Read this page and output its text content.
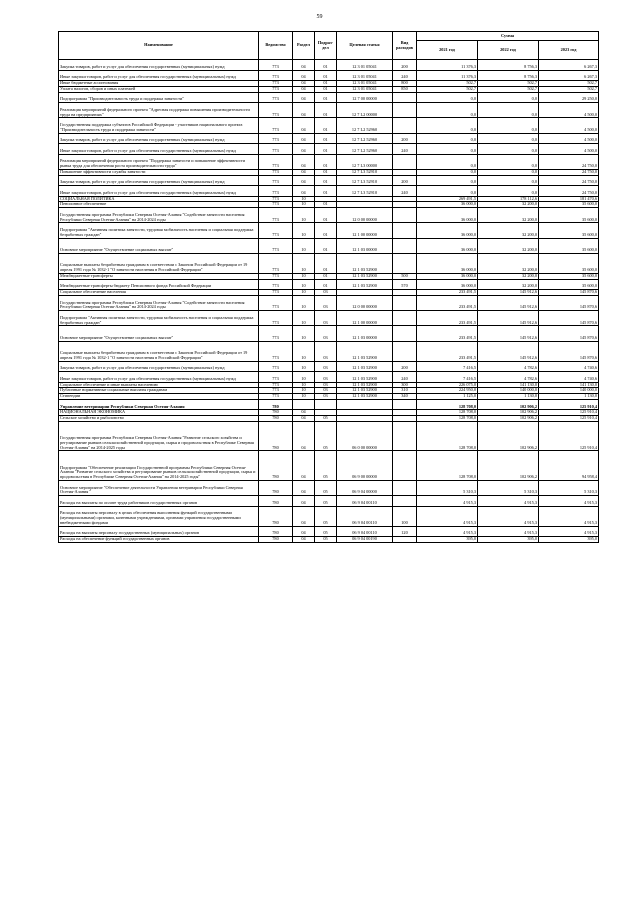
59
Наименование	Ведомство	Раздел	Подраз-дел	Целевая статья	Вид расходов	Сумма		
						2021 год	2022 год	2023 год
Закупка товаров, работ и услуг для обеспечения государственных (муниципальных) нужд	773	04	01	12 3 01 05041	200	11 376,3	8 756,3	6 267,3
Иные закупки товаров, работ и услуг для обеспечения государственных (муниципальных) нужд	773	04	01	12 3 01 05041	240	11 376,3	8 756,3	6 267,3
Иные бюджетные ассигнования	773	04	01	12 3 01 05041	800	502,7	502,7	502,7
Уплата налогов, сборов и иных платежей	773	04	01	12 3 01 05041	850	502,7	502,7	502,7
Подпрограмма "Производительность труда и поддержка занятости"	773	04	01	12 7 00 00000		0,0	0,0	29 250,0
Реализация мероприятий федерального проекта "Адресная поддержка повышения производительности труда на предприятиях"	773	04	01	12 7 L2 00000		0,0	0,0	4 500,0
Государственная поддержка субъектов Российской Федерации - участников национального проекта "Производительность труда и поддержка занятости"	773	04	01	12 7 L2 52960		0,0	0,0	4 500,0
Закупка товаров, работ и услуг для обеспечения государственных (муниципальных) нужд	773	04	01	12 7 L2 52960	200	0,0	0,0	4 500,0
Иные закупки товаров, работ и услуг для обеспечения государственных (муниципальных) нужд	773	04	01	12 7 L2 52960	240	0,0	0,0	4 500,0
Реализация мероприятий федерального проекта "Поддержка занятости и повышение эффективности рынка труда для обеспечения роста производительности труда"	773	04	01	12 7 L3 00000		0,0	0,0	24 750,0
Повышение эффективности службы занятости	773	04	01	12 7 L3 52910		0,0	0,0	24 750,0
Закупка товаров, работ и услуг для обеспечения государственных (муниципальных) нужд	773	04	01	12 7 L3 52910	200	0,0	0,0	24 750,0
Иные закупки товаров, работ и услуг для обеспечения государственных (муниципальных) нужд	773	04	01	12 7 L3 52910	240	0,0	0,0	24 750,0
СОЦИАЛЬНАЯ ПОЛИТИКА	773	10				269 491,5	178 112,6	181 470,6
Пенсионное обеспечение	773	10	01			36 000,0	32 200,0	35 600,0
Государственная программа Республики Северная Осетия-Алания "Содействие занятости населения Республики Северная Осетия-Алания" на 2014-2024 годы	773	10	01	12 0 00 00000		36 000,0	32 200,0	35 600,0
Подпрограмма "Активная политика занятости, трудовая мобильность населения и социальная поддержка безработных граждан"	773	10	01	12 1 00 00000		36 000,0	32 200,0	35 600,0
Основное мероприятие "Осуществление социальных выплат"	773	10	01	12 1 03 00000		36 000,0	32 200,0	35 600,0
Социальные выплаты безработным гражданам в соответствии с Законом Российской Федерации от 19 апреля 1991 года № 1032-1 "О занятости населения в Российской Федерации"	773	10	01	12 1 03 52900		36 000,0	32 200,0	35 600,0
Межбюджетные трансферты	773	10	01	12 1 03 52900	500	36 000,0	32 200,0	35 600,0
Межбюджетные трансферты бюджету Пенсионного фонда Российской Федерации	773	10	01	12 1 03 52900	570	36 000,0	32 200,0	35 600,0
Социальное обеспечение населения	773	10	03			233 491,5	145 912,6	145 870,6
Государственная программа Республики Северная Осетия-Алания "Содействие занятости населения Республики Северная Осетия-Алания" на 2014-2024 годы	773	10	03	12 0 00 00000		233 491,5	145 912,6	145 870,6
Подпрограмма "Активная политика занятости, трудовая мобильность населения и социальная поддержка безработных граждан"	773	10	03	12 1 00 00000		233 491,5	145 912,6	145 870,6
Основное мероприятие "Осуществление социальных выплат"	773	10	03	12 1 03 00000		233 491,5	145 912,6	145 870,6
Социальные выплаты безработным гражданам в соответствии с Законом Российской Федерации от 19 апреля 1991 года № 1032-1 "О занятости населения в Российской Федерации"	773	10	03	12 1 03 52900		233 491,5	145 912,6	145 870,6
Закупка товаров, работ и услуг для обеспечения государственных (муниципальных) нужд	773	10	03	12 1 03 52900	200	7 416,5	4 782,6	4 740,6
Иные закупки товаров, работ и услуг для обеспечения государственных (муниципальных) нужд	773	10	03	12 1 03 52900	240	7 416,5	4 782,6	4 740,6
Социальное обеспечение и иные выплаты населению	773	10	03	12 1 03 52900	300	226 075,0	141 130,0	141 130,0
Публичные нормативные социальные выплаты гражданам	773	10	03	12 1 03 52900	310	224 950,0	140 000,0	140 000,0
Стипендии	773	10	03	12 1 03 52900	340	1 125,0	1 130,0	1 130,0
Управление ветеринарии Республики Северная Осетия-Алания	780					128 708,0	102 906,2	125 910,4
НАЦИОНАЛЬНАЯ ЭКОНОМИКА	780	04				128 708,0	102 906,2	125 910,4
Сельское хозяйство и рыболовство	780	04	05			128 708,0	102 906,2	125 910,4
Государственная программа Республики Северная Осетия-Алания "Развитие сельского хозяйства и регулирование рынков сельскохозяйственной продукции, сырья и продовольствия в Республике Северная Осетия-Алания" на 2014-2025 годы	780	04	05	06 0 00 00000		128 708,0	102 906,2	125 910,4
Подпрограмма "Обеспечение реализации Государственной программы Республики Северная Осетия-Алания "Развитие сельского хозяйства и регулирование рынков сельскохозяйственной продукции, сырья и продовольствия в Республике Северная Осетия-Алания" на 2014-2025 годы"	780	04	05	06 9 00 00000		128 708,0	102 906,2	94 958,4
Основное мероприятие "Обеспечение деятельности Управления ветеринарии Республики Северная Осетия-Алания "	780	04	05	06 9 04 00000		5 310,3	5 310,3	5 310,3
Расходы на выплаты по оплате труда работников государственных органов	780	04	05	06 9 04 00110		4 915,3	4 915,3	4 915,3
Расходы на выплаты персоналу в целях обеспечения выполнения функций государственными (муниципальными) органами, казенными учреждениями, органами управления государственными внебюджетными фондами	780	04	05	06 9 04 00110	100	4 915,3	4 915,3	4 915,3
Расходы на выплаты персоналу государственных (муниципальных) органов	780	04	05	06 9 04 00110	120	4 915,3	4 915,3	4 915,3
Расходы на обеспечение функций государственных органов	780	04	05	06 9 04 00190		395,0	395,0	395,0
